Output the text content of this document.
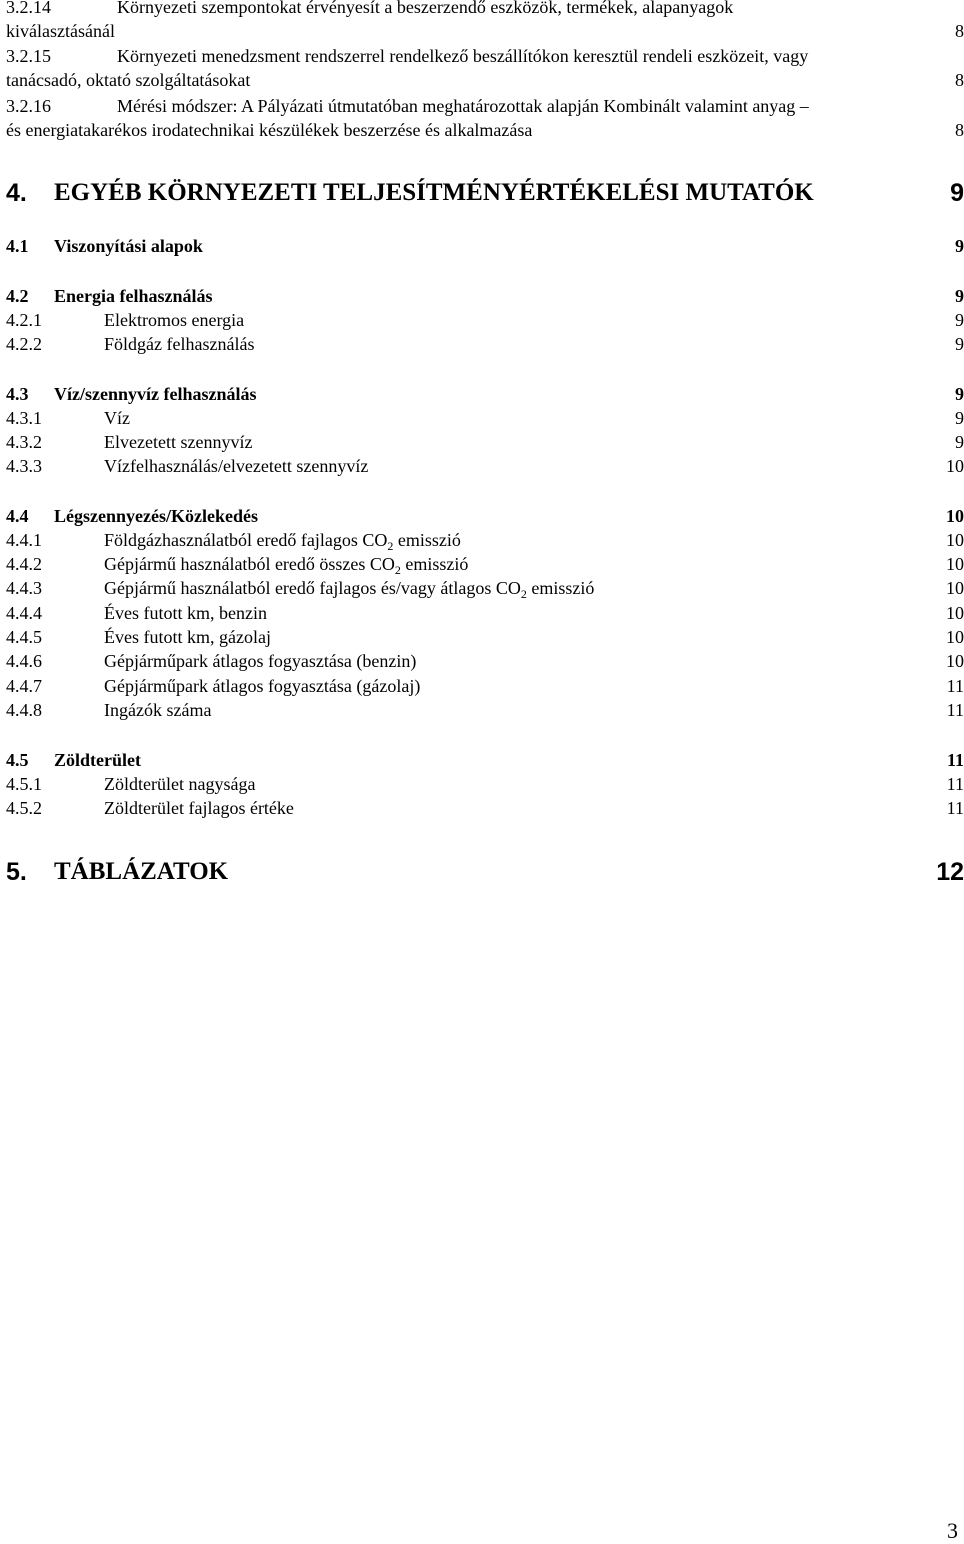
3.2.14	Környezeti szempontokat érvényesít a beszerzendő eszközök, termékek, alapanyagok
kiválasztásánál	8
3.2.15	Környezeti menedzsment rendszerrel rendelkező beszállítókon keresztül rendeli eszközeit, vagy
tanácsadó, oktató szolgáltatásokat	8
3.2.16	Mérési módszer: A Pályázati útmutatóban meghatározottak alapján Kombinált valamint anyag –
és energiatakarékos irodatechnikai készülékek beszerzése és alkalmazása	8
4. EGYÉB KÖRNYEZETI TELJESÍTMÉNYÉRTÉKELÉSI MUTATÓK	9
4.1 Viszonyítási alapok	9
4.2 Energia felhasználás	9
4.2.1	Elektromos energia	9
4.2.2	Földgáz felhasználás	9
4.3 Víz/szennyvíz felhasználás	9
4.3.1	Víz	9
4.3.2	Elvezetett szennyvíz	9
4.3.3	Vízfelhasználás/elvezetett szennyvíz	10
4.4 Légszennyezés/Közlekedés	10
4.4.1	Földgázhasználatból eredő fajlagos $CO_2$ emisszió	10
4.4.2	Gépjármű használatból eredő összes $CO_2$ emisszió	10
4.4.3	Gépjármű használatból eredő fajlagos és/vagy átlagos $CO_2$ emisszió	10
4.4.4	Éves futott km, benzin	10
4.4.5	Éves futott km, gázolaj	10
4.4.6	Gépjárműpark átlagos fogyasztása (benzin)	10
4.4.7	Gépjárműpark átlagos fogyasztása (gázolaj)	11
4.4.8	Ingázók száma	11
4.5 Zöldterület	11
4.5.1	Zöldterület nagysága	11
4.5.2	Zöldterület fajlagos értéke	11
5. TÁBLÁZATOK	12
3
